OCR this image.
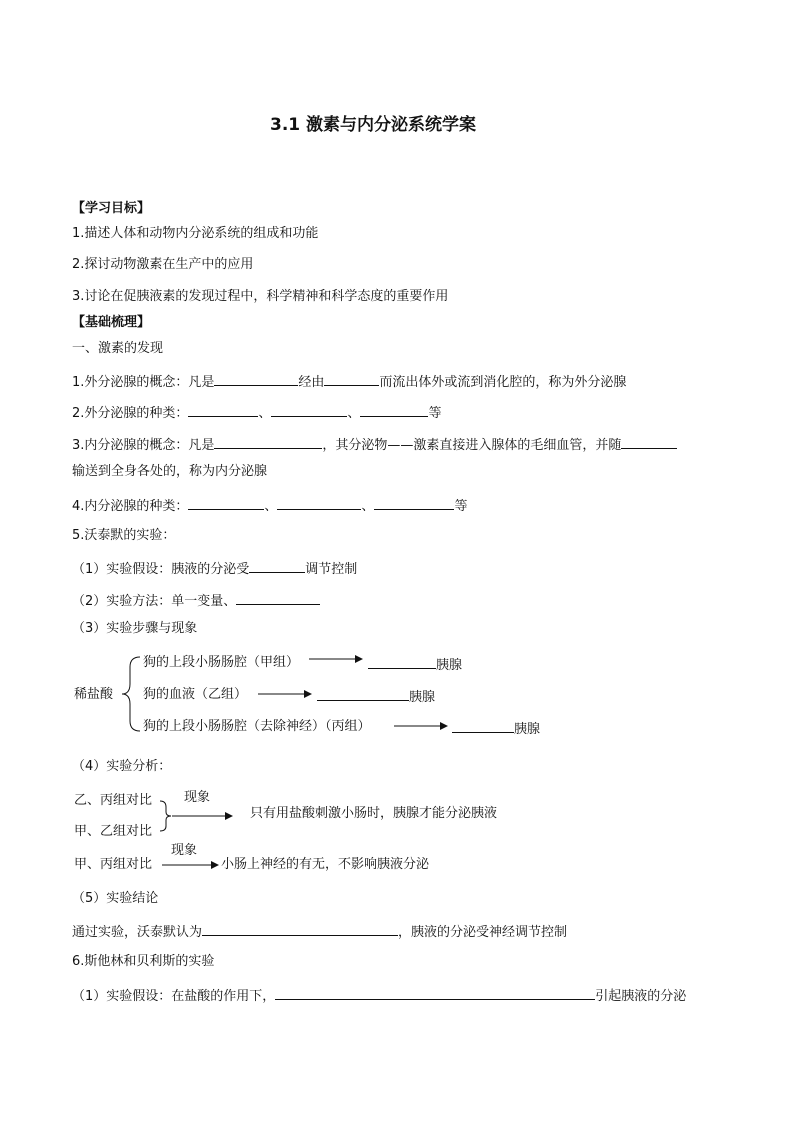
3.1 激素与内分泌系统学案
【学习目标】
1.描述人体和动物内分泌系统的组成和功能
2.探讨动物激素在生产中的应用
3.讨论在促胰液素的发现过程中，科学精神和科学态度的重要作用
【基础梳理】
一、激素的发现
1.外分泌腺的概念：凡是	经由	而流出体外或流到消化腔的，称为外分泌腺
2.外分泌腺的种类：	、	、	等
3.内分泌腺的概念：凡是	，其分泌物——激素直接进入腺体的毛细血管，并随
输送到全身各处的，称为内分泌腺
4.内分泌腺的种类：	、	、	等
5.沃泰默的实验：
（1）实验假设：胰液的分泌受	调节控制
（2）实验方法：单一变量、
（3）实验步骤与现象
稀盐酸
狗的上段小肠肠腔（甲组）	胰腺
狗的血液（乙组）	胰腺
狗的上段小肠肠腔（去除神经）（丙组）	胰腺
（4）实验分析：
乙、丙组对比
甲、乙组对比
现象
只有用盐酸刺激小肠时，胰腺才能分泌胰液
甲、丙组对比
现象
小肠上神经的有无，不影响胰液分泌
（5）实验结论
通过实验，沃泰默认为	，胰液的分泌受神经调节控制
6.斯他林和贝利斯的实验
（1）实验假设：在盐酸的作用下，	引起胰液的分泌
